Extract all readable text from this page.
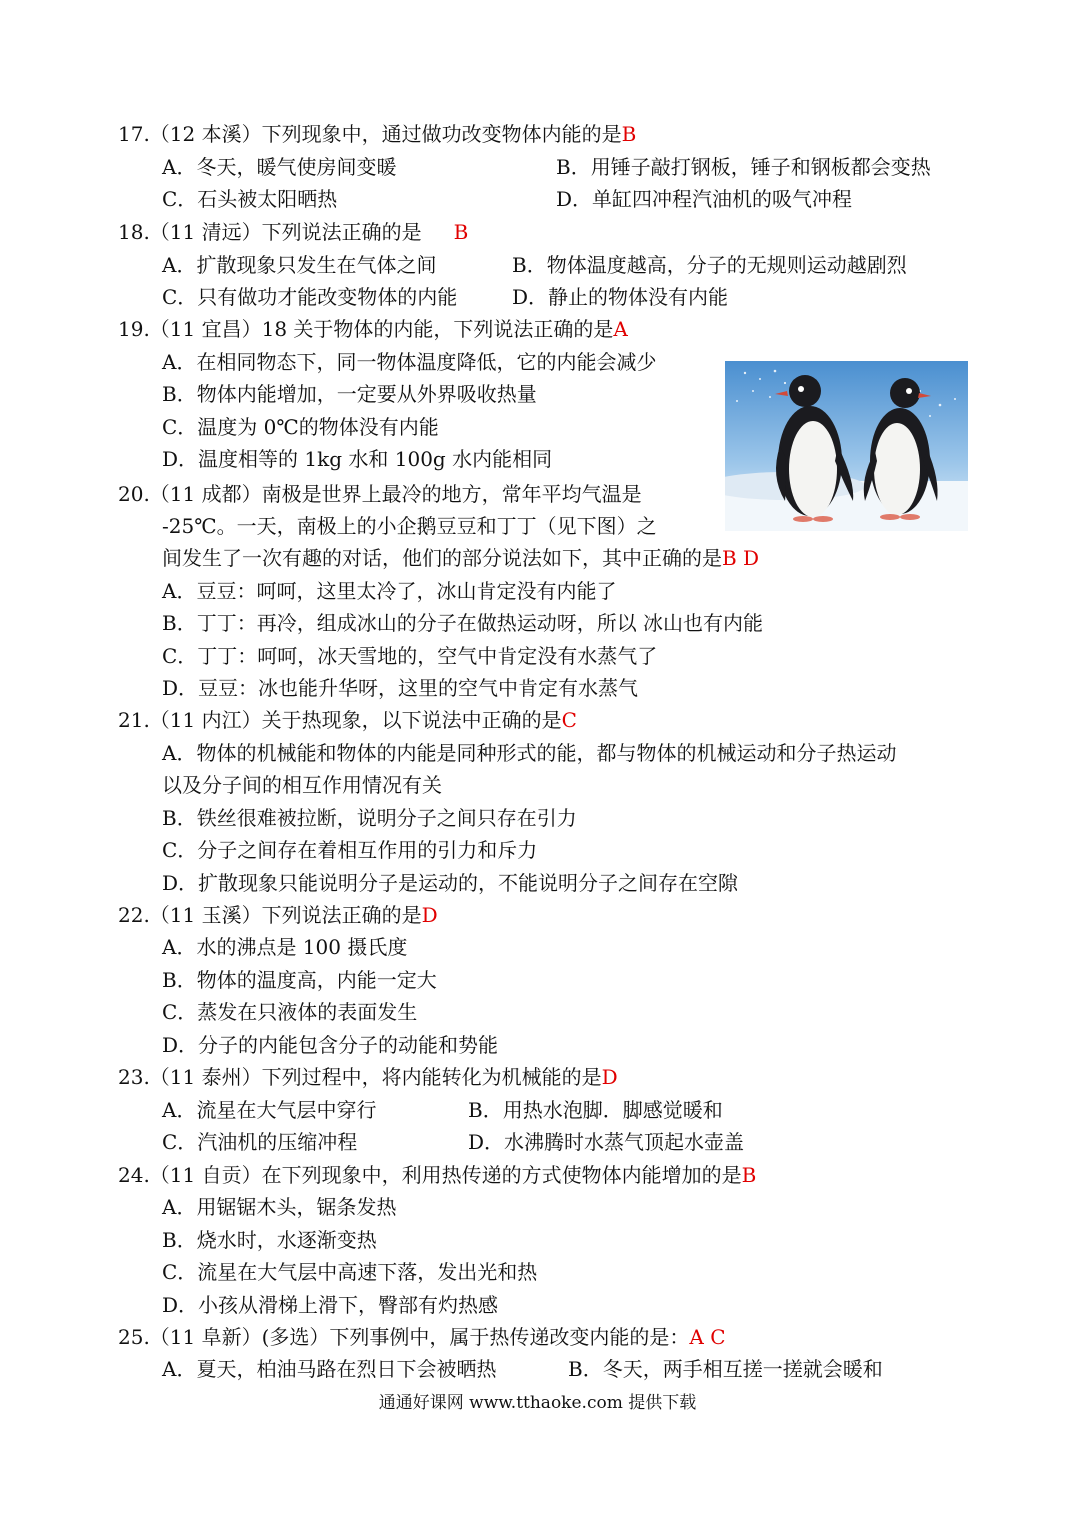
17.（12 本溪）下列现象中，通过做功改变物体内能的是B
A．冬天，暖气使房间变暖	B．用锤子敲打钢板，锤子和钢板都会变热
C．石头被太阳晒热	D．单缸四冲程汽油机的吸气冲程
18.（11 清远）下列说法正确的是 B
A．扩散现象只发生在气体之间	B．物体温度越高，分子的无规则运动越剧烈
C．只有做功才能改变物体的内能	D．静止的物体没有内能
19.（11 宜昌）18 关于物体的内能，下列说法正确的是A
A．在相同物态下，同一物体温度降低，它的内能会减少
B．物体内能增加，一定要从外界吸收热量
C．温度为 0℃的物体没有内能
D．温度相等的 1kg 水和 100g 水内能相同
20.（11 成都）南极是世界上最冷的地方，常年平均气温是
-25℃。一天，南极上的小企鹅豆豆和丁丁（见下图）之
间发生了一次有趣的对话，他们的部分说法如下，其中正确的是B D
A．豆豆：呵呵，这里太冷了，冰山肯定没有内能了
B．丁丁：再冷，组成冰山的分子在做热运动呀，所以 冰山也有内能
C．丁丁：呵呵，冰天雪地的，空气中肯定没有水蒸气了
D．豆豆：冰也能升华呀，这里的空气中肯定有水蒸气
21.（11 内江）关于热现象，以下说法中正确的是C
A．物体的机械能和物体的内能是同种形式的能，都与物体的机械运动和分子热运动
以及分子间的相互作用情况有关
B．铁丝很难被拉断，说明分子之间只存在引力
C．分子之间存在着相互作用的引力和斥力
D．扩散现象只能说明分子是运动的，不能说明分子之间存在空隙
22.（11 玉溪）下列说法正确的是D
A．水的沸点是 100 摄氏度
B．物体的温度高，内能一定大
C．蒸发在只液体的表面发生
D．分子的内能包含分子的动能和势能
23.（11 泰州）下列过程中，将内能转化为机械能的是D
A．流星在大气层中穿行	B．用热水泡脚．脚感觉暖和
C．汽油机的压缩冲程	D．水沸腾时水蒸气顶起水壶盖
24.（11 自贡）在下列现象中，利用热传递的方式使物体内能增加的是B
A．用锯锯木头，锯条发热
B．烧水时，水逐渐变热
C．流星在大气层中高速下落，发出光和热
D．小孩从滑梯上滑下，臀部有灼热感
25.（11 阜新）(多选）下列事例中，属于热传递改变内能的是：A C
A．夏天，柏油马路在烈日下会被晒热	B．冬天，两手相互搓一搓就会暖和
通通好课网 www.tthaoke.com 提供下载
